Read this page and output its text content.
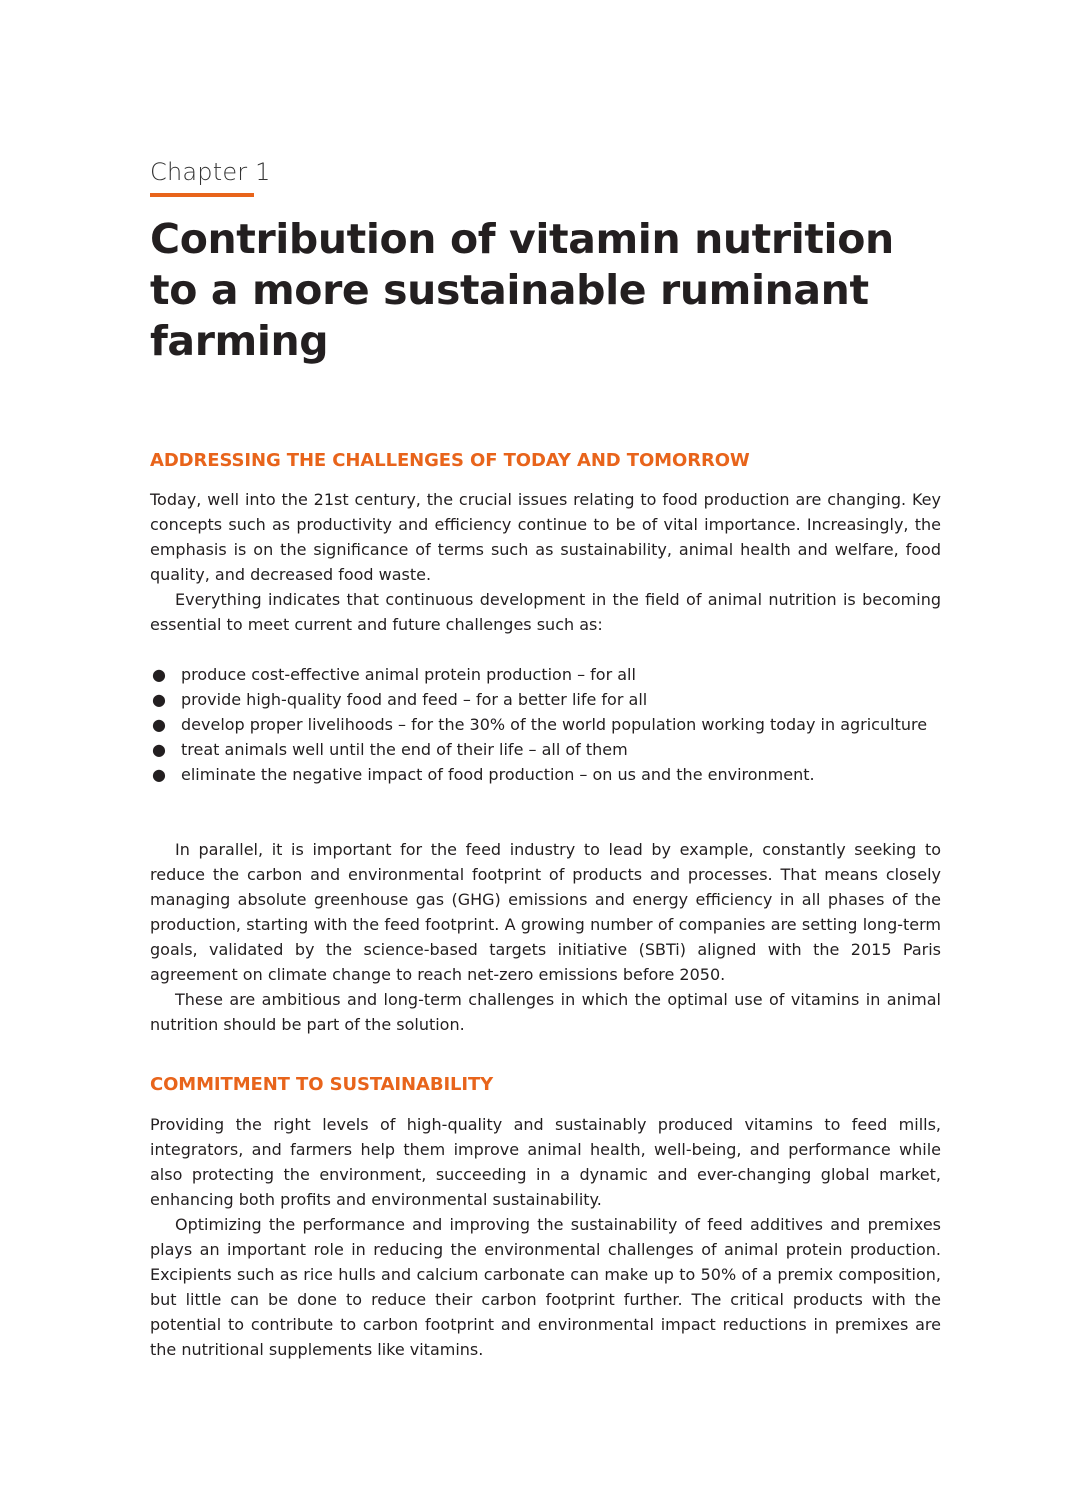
Chapter 1
Contribution of vitamin nutrition to a more sustainable ruminant farming
ADDRESSING THE CHALLENGES OF TODAY AND TOMORROW

Today, well into the 21st century, the crucial issues relating to food production are changing. Key concepts such as productivity and efficiency continue to be of vital importance. Increasingly, the emphasis is on the significance of terms such as sustainability, animal health and welfare, food quality, and decreased food waste.

Everything indicates that continuous development in the field of animal nutrition is becoming essential to meet current and future challenges such as:

● produce cost-effective animal protein production – for all
● provide high-quality food and feed – for a better life for all
● develop proper livelihoods – for the 30% of the world population working today in agriculture
● treat animals well until the end of their life – all of them
● eliminate the negative impact of food production – on us and the environment.

In parallel, it is important for the feed industry to lead by example, constantly seeking to reduce the carbon and environmental footprint of products and processes. That means closely managing absolute greenhouse gas (GHG) emissions and energy efficiency in all phases of the production, starting with the feed footprint. A growing number of companies are setting long-term goals, validated by the science-based targets initiative (SBTi) aligned with the 2015 Paris agreement on climate change to reach net-zero emissions before 2050.

These are ambitious and long-term challenges in which the optimal use of vitamins in animal nutrition should be part of the solution.

COMMITMENT TO SUSTAINABILITY

Providing the right levels of high-quality and sustainably produced vitamins to feed mills, integrators, and farmers help them improve animal health, well-being, and performance while also protecting the environment, succeeding in a dynamic and ever-changing global market, enhancing both profits and environmental sustainability.

Optimizing the performance and improving the sustainability of feed additives and premixes plays an important role in reducing the environmental challenges of animal protein production. Excipients such as rice hulls and calcium carbonate can make up to 50% of a premix composition, but little can be done to reduce their carbon footprint further. The critical products with the potential to contribute to carbon footprint and environmental impact reductions in premixes are the nutritional supplements like vitamins.
